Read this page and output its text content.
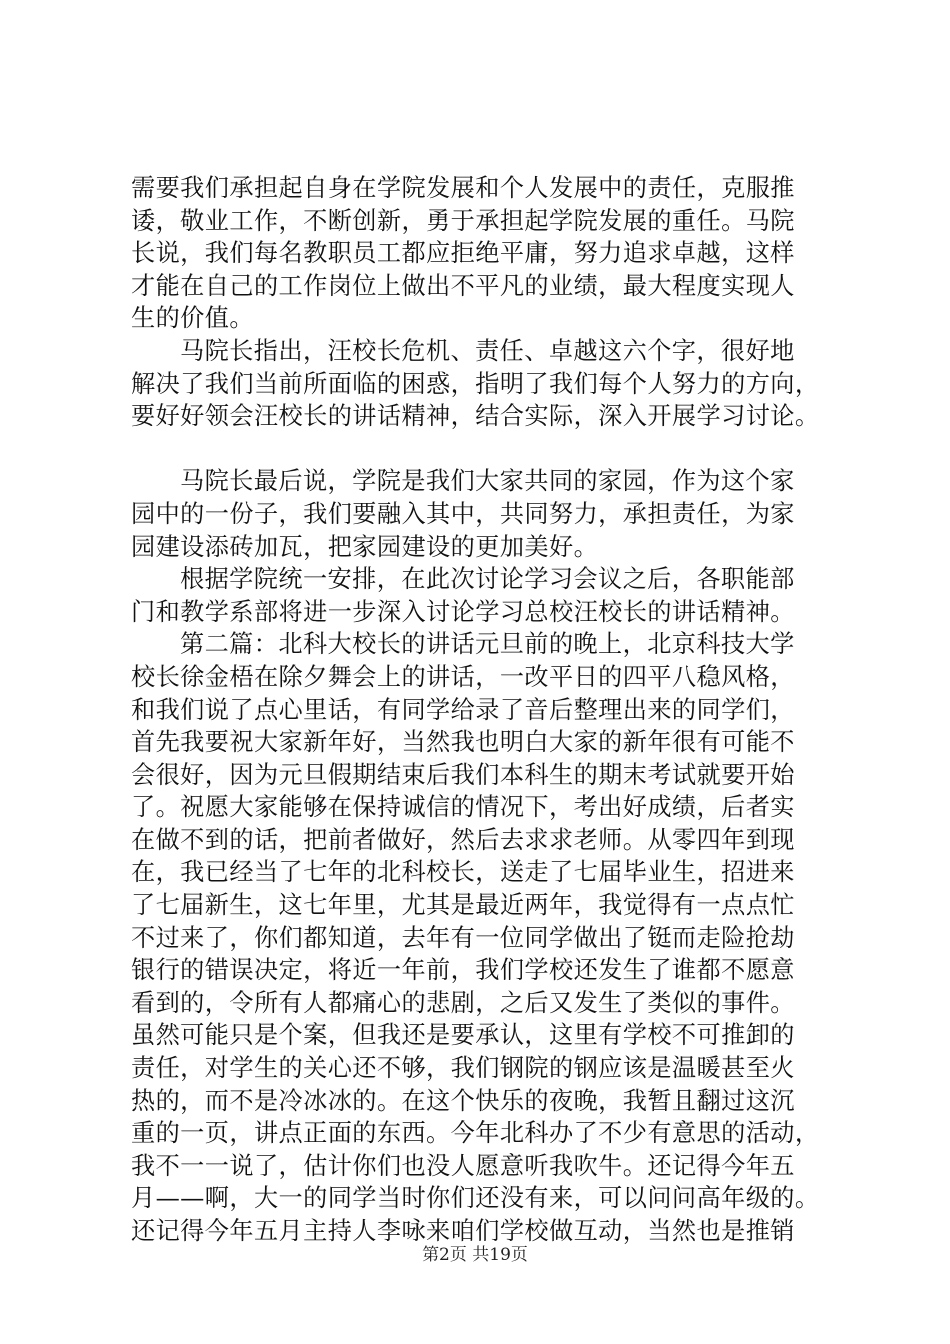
需要我们承担起自身在学院发展和个人发展中的责任，克服推
诿，敬业工作，不断创新，勇于承担起学院发展的重任。马院
长说，我们每名教职员工都应拒绝平庸，努力追求卓越，这样
才能在自己的工作岗位上做出不平凡的业绩，最大程度实现人
生的价值。
马院长指出，汪校长危机、责任、卓越这六个字，很好地
解决了我们当前所面临的困惑，指明了我们每个人努力的方向，
要好好领会汪校长的讲话精神，结合实际，深入开展学习讨论。
马院长最后说，学院是我们大家共同的家园，作为这个家
园中的一份子，我们要融入其中，共同努力，承担责任，为家
园建设添砖加瓦，把家园建设的更加美好。
根据学院统一安排，在此次讨论学习会议之后，各职能部
门和教学系部将进一步深入讨论学习总校汪校长的讲话精神。
第二篇：北科大校长的讲话元旦前的晚上，北京科技大学
校长徐金梧在除夕舞会上的讲话，一改平日的四平八稳风格，
和我们说了点心里话，有同学给录了音后整理出来的同学们，
首先我要祝大家新年好，当然我也明白大家的新年很有可能不
会很好，因为元旦假期结束后我们本科生的期末考试就要开始
了。祝愿大家能够在保持诚信的情况下，考出好成绩，后者实
在做不到的话，把前者做好，然后去求求老师。从零四年到现
在，我已经当了七年的北科校长，送走了七届毕业生，招进来
了七届新生，这七年里，尤其是最近两年，我觉得有一点点忙
不过来了，你们都知道，去年有一位同学做出了铤而走险抢劫
银行的错误决定，将近一年前，我们学校还发生了谁都不愿意
看到的，令所有人都痛心的悲剧，之后又发生了类似的事件。
虽然可能只是个案，但我还是要承认，这里有学校不可推卸的
责任，对学生的关心还不够，我们钢院的钢应该是温暖甚至火
热的，而不是冷冰冰的。在这个快乐的夜晚，我暂且翻过这沉
重的一页，讲点正面的东西。今年北科办了不少有意思的活动，
我不一一说了，估计你们也没人愿意听我吹牛。还记得今年五
月——啊，大一的同学当时你们还没有来，可以问问高年级的。
还记得今年五月主持人李咏来咱们学校做互动，当然也是推销
第2页 共19页
